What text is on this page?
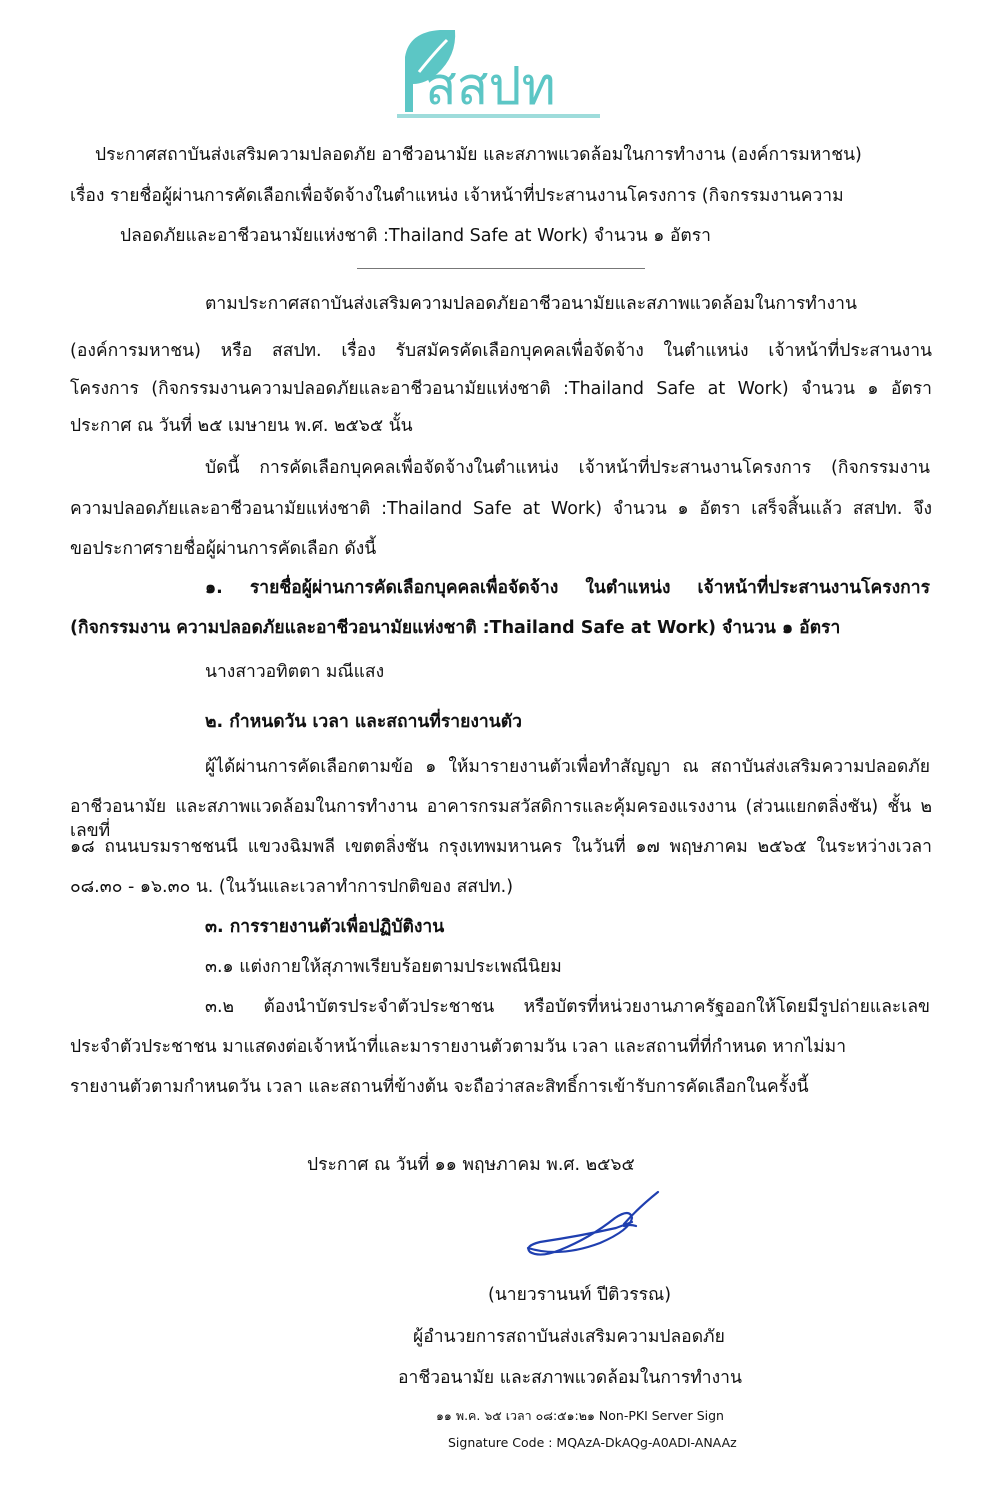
สสปท
ประกาศสถาบันส่งเสริมความปลอดภัย อาชีวอนามัย และสภาพแวดล้อมในการทำงาน (องค์การมหาชน)
เรื่อง รายชื่อผู้ผ่านการคัดเลือกเพื่อจัดจ้างในตำแหน่ง เจ้าหน้าที่ประสานงานโครงการ (กิจกรรมงานความ
ปลอดภัยและอาชีวอนามัยแห่งชาติ :Thailand Safe at Work) จำนวน ๑ อัตรา
ตามประกาศสถาบันส่งเสริมความปลอดภัยอาชีวอนามัยและสภาพแวดล้อมในการทำงาน
(องค์การมหาชน) หรือ สสปท. เรื่อง รับสมัครคัดเลือกบุคคลเพื่อจัดจ้าง ในตำแหน่ง เจ้าหน้าที่ประสานงาน
โครงการ (กิจกรรมงานความปลอดภัยและอาชีวอนามัยแห่งชาติ :Thailand Safe at Work) จำนวน ๑ อัตรา
ประกาศ ณ วันที่ ๒๕ เมษายน พ.ศ. ๒๕๖๕ นั้น
บัดนี้ การคัดเลือกบุคคลเพื่อจัดจ้างในตำแหน่ง เจ้าหน้าที่ประสานงานโครงการ (กิจกรรมงาน
ความปลอดภัยและอาชีวอนามัยแห่งชาติ :Thailand Safe at Work) จำนวน ๑ อัตรา เสร็จสิ้นแล้ว สสปท. จึง
ขอประกาศรายชื่อผู้ผ่านการคัดเลือก ดังนี้
๑. รายชื่อผู้ผ่านการคัดเลือกบุคคลเพื่อจัดจ้าง ในตำแหน่ง เจ้าหน้าที่ประสานงานโครงการ
(กิจกรรมงาน ความปลอดภัยและอาชีวอนามัยแห่งชาติ :Thailand Safe at Work) จำนวน ๑ อัตรา
นางสาวอทิตตา มณีแสง
๒. กำหนดวัน เวลา และสถานที่รายงานตัว
ผู้ได้ผ่านการคัดเลือกตามข้อ ๑ ให้มารายงานตัวเพื่อทำสัญญา ณ สถาบันส่งเสริมความปลอดภัย
อาชีวอนามัย และสภาพแวดล้อมในการทำงาน อาคารกรมสวัสดิการและคุ้มครองแรงงาน (ส่วนแยกตลิ่งชัน) ชั้น ๒ เลขที่
๑๘ ถนนบรมราชชนนี แขวงฉิมพลี เขตตลิ่งชัน กรุงเทพมหานคร ในวันที่ ๑๗ พฤษภาคม ๒๕๖๕ ในระหว่างเวลา
๐๘.๓๐ - ๑๖.๓๐ น. (ในวันและเวลาทำการปกติของ สสปท.)
๓. การรายงานตัวเพื่อปฏิบัติงาน
๓.๑ แต่งกายให้สุภาพเรียบร้อยตามประเพณีนิยม
๓.๒ ต้องนำบัตรประจำตัวประชาชน หรือบัตรที่หน่วยงานภาครัฐออกให้โดยมีรูปถ่ายและเลข
ประจำตัวประชาชน มาแสดงต่อเจ้าหน้าที่และมารายงานตัวตามวัน เวลา และสถานที่ที่กำหนด หากไม่มา
รายงานตัวตามกำหนดวัน เวลา และสถานที่ข้างต้น จะถือว่าสละสิทธิ์การเข้ารับการคัดเลือกในครั้งนี้
ประกาศ ณ วันที่ ๑๑ พฤษภาคม พ.ศ. ๒๕๖๕
(นายวรานนท์ ปีติวรรณ)
ผู้อำนวยการสถาบันส่งเสริมความปลอดภัย
อาชีวอนามัย และสภาพแวดล้อมในการทำงาน
๑๑ พ.ค. ๖๕ เวลา ๐๘:๕๑:๒๑ Non-PKI Server Sign
Signature Code : MQAzA-DkAQg-A0ADI-ANAAz
